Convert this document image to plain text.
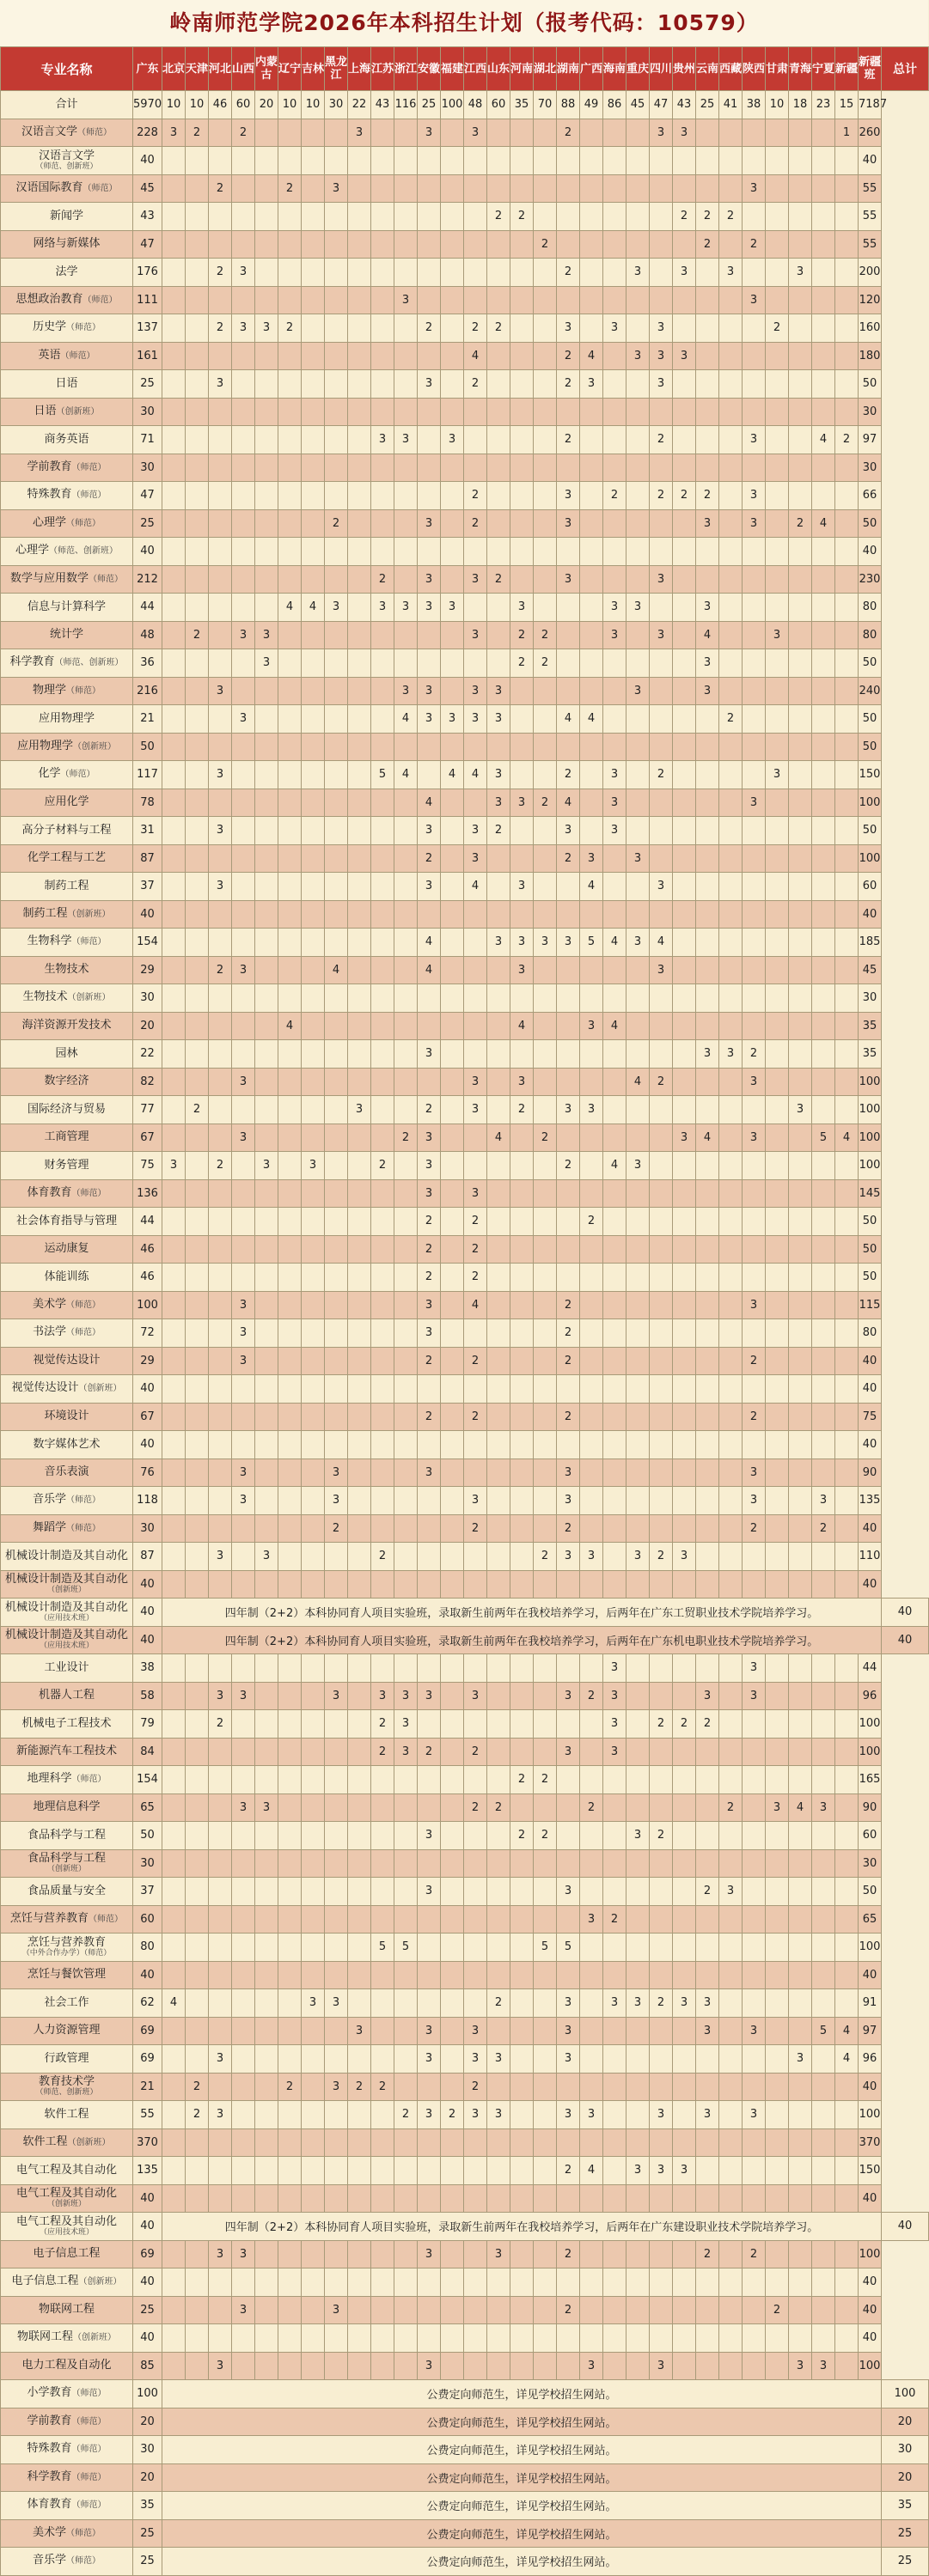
岭南师范学院2026年本科招生计划（报考代码：10579）
专业名称	广东	北京	天津	河北	山西	内蒙古	辽宁	吉林	黑龙江	上海	江苏	浙江	安徽	福建	江西	山东	河南	湖北	湖南	广西	海南	重庆	四川	贵州	云南	西藏	陕西	甘肃	青海	宁夏	新疆	新疆班	总计
合计	5970	10	10	46	60	20	10	10	30	22	43	116	25	100	48	60	35	70	88	49	86	45	47	43	25	41	38	10	18	23	15	7187	
汉语言文学（师范）	228	3	2		2					3			3		3				2				3	3							1	260	
汉语言文学
（师范、创新班）	40																															40	
汉语国际教育（师范）	45			2			2		3																		3					55	
新闻学	43															2	2							2	2	2						55	
网络与新媒体	47																	2							2		2					55	
法学	176			2	3														2			3		3		3			3			200	
思想政治教育（师范）	111											3															3					120	
历史学（师范）	137			2	3	3	2						2		2	2			3		3		3					2				160	
英语（师范）	161														4				2	4		3	3	3								180	
日语	25			3									3		2				2	3			3									50	
日语（创新班）	30																															30	
商务英语	71										3	3		3					2				2				3			4	2	97	
学前教育（师范）	30																															30	
特殊教育（师范）	47														2				3		2		2	2	2		3					66	
心理学（师范）	25								2				3		2				3						3		3		2	4		50	
心理学（师范、创新班）	40																															40	
数学与应用数学（师范）	212										2		3		3	2			3				3									230	
信息与计算科学	44						4	4	3		3	3	3	3			3				3	3			3							80	
统计学	48		2		3	3									3		2	2			3		3		4			3				80	
科学教育（师范、创新班）	36					3											2	2							3							50	
物理学（师范）	216			3								3	3		3	3						3			3							240	
应用物理学	21				3							4	3	3	3	3			4	4						2						50	
应用物理学（创新班）	50																															50	
化学（师范）	117			3							5	4		4	4	3			2		3		2					3				150	
应用化学	78												4			3	3	2	4		3						3					100	
高分子材料与工程	31			3									3		3	2			3		3											50	
化学工程与工艺	87												2		3				2	3		3										100	
制药工程	37			3									3		4		3			4			3									60	
制药工程（创新班）	40																															40	
生物科学（师范）	154												4			3	3	3	3	5	4	3	4									185	
生物技术	29			2	3				4				4				3						3									45	
生物技术（创新班）	30																															30	
海洋资源开发技术	20						4										4			3	4											35	
园林	22												3												3	3	2					35	
数字经济	82				3										3		3					4	2				3					100	
国际经济与贸易	77		2							3			2		3		2		3	3									3			100	
工商管理	67				3							2	3			4		2						3	4		3			5	4	100	
财务管理	75	3		2		3		3			2		3						2		4	3										100	
体育教育（师范）	136												3		3																	145	
社会体育指导与管理	44												2		2					2												50	
运动康复	46												2		2																	50	
体能训练	46												2		2																	50	
美术学（师范）	100				3								3		4				2								3					115	
书法学（师范）	72				3								3						2													80	
视觉传达设计	29				3								2		2				2								2					40	
视觉传达设计（创新班）	40																															40	
环境设计	67												2		2				2								2					75	
数字媒体艺术	40																															40	
音乐表演	76				3				3				3						3								3					90	
音乐学（师范）	118				3				3						3				3								3			3		135	
舞蹈学（师范）	30								2						2				2								2			2		40	
机械设计制造及其自动化	87			3		3					2							2	3	3		3	2	3								110	
机械设计制造及其自动化
（创新班）	40																															40	
机械设计制造及其自动化
（应用技术班）	40	四年制（2+2）本科协同育人项目实验班，录取新生前两年在我校培养学习，后两年在广东工贸职业技术学院培养学习。																															40
机械设计制造及其自动化
（应用技术班）	40	四年制（2+2）本科协同育人项目实验班，录取新生前两年在我校培养学习，后两年在广东机电职业技术学院培养学习。																															40
工业设计	38																				3						3					44	
机器人工程	58			3	3				3		3	3	3		3				3	2	3				3		3					96	
机械电子工程技术	79			2							2	3									3		2	2	2							100	
新能源汽车工程技术	84										2	3	2		2				3		3											100	
地理科学（师范）	154																2	2														165	
地理信息科学	65				3	3									2	2				2						2		3	4	3		90	
食品科学与工程	50												3				2	2				3	2									60	
食品科学与工程
（创新班）	30																															30	
食品质量与安全	37												3						3						2	3						50	
烹饪与营养教育（师范）	60																			3	2											65	
烹饪与营养教育
（中外合作办学）（师范）	80										5	5						5	5													100	
烹饪与餐饮管理	40																															40	
社会工作	62	4						3	3							2			3		3	3	2	3	3							91	
人力资源管理	69									3			3		3				3						3		3			5	4	97	
行政管理	69			3									3		3	3			3										3		4	96	
教育技术学
（师范、创新班）	21		2				2		3	2	2				2																	40	
软件工程	55		2	3								2	3	2	3	3			3	3			3		3		3					100	
软件工程（创新班）	370																															370	
电气工程及其自动化	135																		2	4		3	3	3								150	
电气工程及其自动化
（创新班）	40																															40	
电气工程及其自动化
（应用技术班）	40	四年制（2+2）本科协同育人项目实验班，录取新生前两年在我校培养学习，后两年在广东建设职业技术学院培养学习。																															40
电子信息工程	69			3	3								3			3			2						2		2					100	
电子信息工程（创新班）	40																															40	
物联网工程	25				3				3										2									2				40	
物联网工程（创新班）	40																															40	
电力工程及自动化	85			3									3							3			3						3	3		100	
小学教育（师范）	100	公费定向师范生，详见学校招生网站。																															100
学前教育（师范）	20	公费定向师范生，详见学校招生网站。																															20
特殊教育（师范）	30	公费定向师范生，详见学校招生网站。																															30
科学教育（师范）	20	公费定向师范生，详见学校招生网站。																															20
体育教育（师范）	35	公费定向师范生，详见学校招生网站。																															35
美术学（师范）	25	公费定向师范生，详见学校招生网站。																															25
音乐学（师范）	25	公费定向师范生，详见学校招生网站。																															25
